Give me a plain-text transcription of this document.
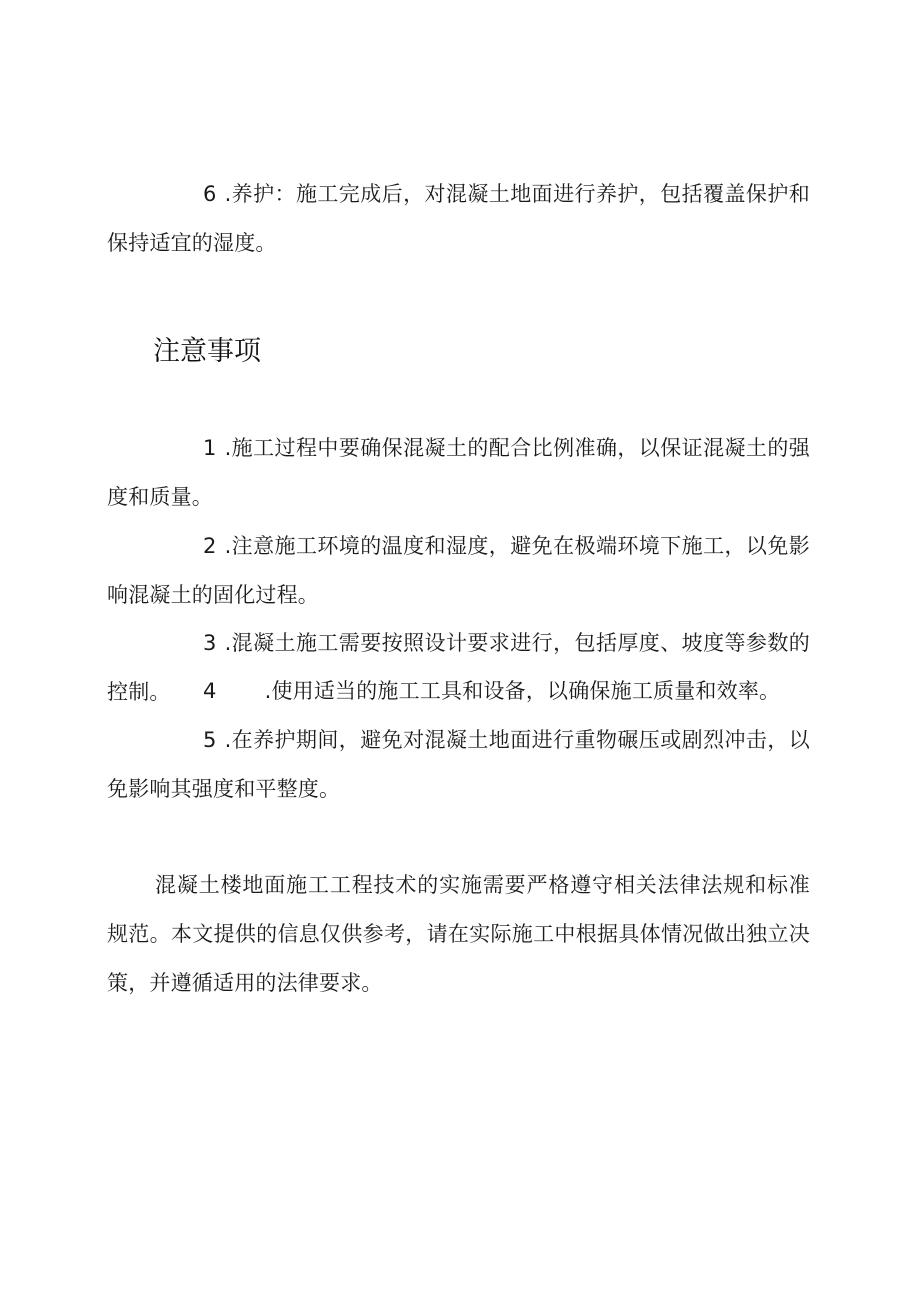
6 .养护：施工完成后，对混凝土地面进行养护，包括覆盖保护和保持适宜的湿度。

注意事项

1 .施工过程中要确保混凝土的配合比例准确，以保证混凝土的强度和质量。

2 .注意施工环境的温度和湿度，避免在极端环境下施工，以免影响混凝土的固化过程。

3 .混凝土施工需要按照设计要求进行，包括厚度、坡度等参数的控制。	4 .使用适当的施工工具和设备，以确保施工质量和效率。

5 .在养护期间，避免对混凝土地面进行重物碾压或剧烈冲击，以免影响其强度和平整度。

混凝土楼地面施工工程技术的实施需要严格遵守相关法律法规和标准规范。本文提供的信息仅供参考，请在实际施工中根据具体情况做出独立决策，并遵循适用的法律要求。
